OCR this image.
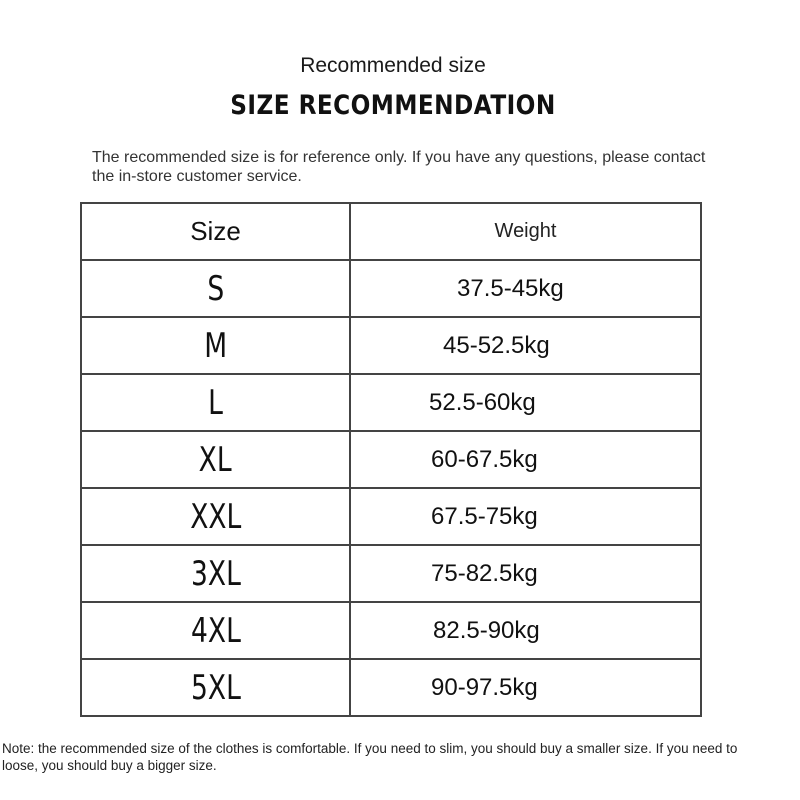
Recommended size
SIZE RECOMMENDATION
The recommended size is for reference only. If you have any questions, please contact the in-store customer service.
Size	Weight
S	37.5-45kg
M	45-52.5kg
L	52.5-60kg
XL	60-67.5kg
XXL	67.5-75kg
3XL	75-82.5kg
4XL	82.5-90kg
5XL	90-97.5kg
Note: the recommended size of the clothes is comfortable. If you need to slim, you should buy a smaller size. If you need to loose, you should buy a bigger size.
